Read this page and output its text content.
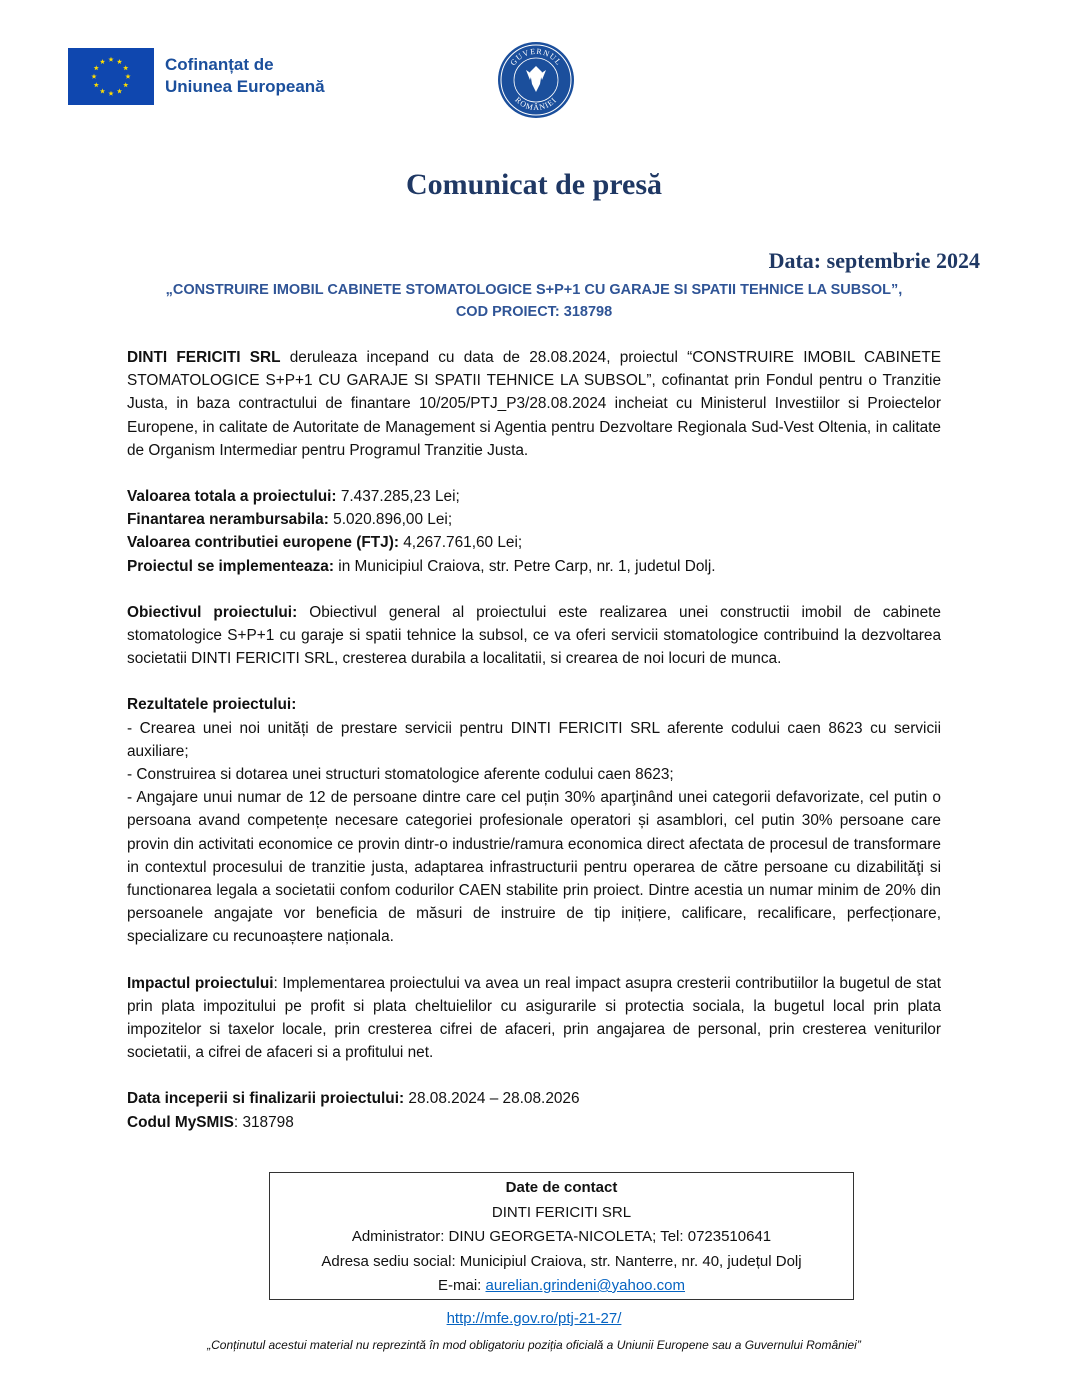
Cofinanțat de
Uniunea Europeană
GUVERNUL
ROMÂNIEI
Comunicat de presă
Data: septembrie 2024
„CONSTRUIRE IMOBIL CABINETE STOMATOLOGICE S+P+1 CU GARAJE SI SPATII TEHNICE LA SUBSOL”,
COD PROIECT: 318798

DINTI FERICITI SRL deruleaza incepand cu data de 28.08.2024, proiectul “CONSTRUIRE IMOBIL CABINETE STOMATOLOGICE S+P+1 CU GARAJE SI SPATII TEHNICE LA SUBSOL”, cofinantat prin Fondul pentru o Tranzitie Justa, in baza contractului de finantare 10/205/PTJ_P3/28.08.2024 incheiat cu Ministerul Investiilor si Proiectelor Europene, in calitate de Autoritate de Management si Agentia pentru Dezvoltare Regionala Sud-Vest Oltenia, in calitate de Organism Intermediar pentru Programul Tranzitie Justa.

Valoarea totala a proiectului: 7.437.285,23 Lei;
Finantarea nerambursabila: 5.020.896,00 Lei;
Valoarea contributiei europene (FTJ): 4,267.761,60 Lei;
Proiectul se implementeaza: in Municipiul Craiova, str. Petre Carp, nr. 1, judetul Dolj.

Obiectivul proiectului: Obiectivul general al proiectului este realizarea unei constructii imobil de cabinete stomatologice S+P+1 cu garaje si spatii tehnice la subsol, ce va oferi servicii stomatologice contribuind la dezvoltarea societatii DINTI FERICITI SRL, cresterea durabila a localitatii, si crearea de noi locuri de munca.

Rezultatele proiectului:
- Crearea unei noi unități de prestare servicii pentru DINTI FERICITI SRL aferente codului caen 8623 cu servicii auxiliare;
- Construirea si dotarea unei structuri stomatologice aferente codului caen 8623;
- Angajare unui numar de 12 de persoane dintre care cel puțin 30% aparţinând unei categorii defavorizate, cel putin o persoana avand competențe necesare categoriei profesionale operatori și asamblori, cel putin 30% persoane care provin din activitati economice ce provin dintr-o industrie/ramura economica direct afectata de procesul de transformare in contextul procesului de tranzitie justa, adaptarea infrastructurii pentru operarea de către persoane cu dizabilităţi si functionarea legala a societatii confom codurilor CAEN stabilite prin proiect. Dintre acestia un numar minim de 20% din persoanele angajate vor beneficia de măsuri de instruire de tip inițiere, calificare, recalificare, perfecționare, specializare cu recunoaștere naționala.

Impactul proiectului: Implementarea proiectului va avea un real impact asupra cresterii contributiilor la bugetul de stat prin plata impozitului pe profit si plata cheltuielilor cu asigurarile si protectia sociala, la bugetul local prin plata impozitelor si taxelor locale, prin cresterea cifrei de afaceri, prin angajarea de personal, prin cresterea veniturilor societatii, a cifrei de afaceri si a profitului net.

Data inceperii si finalizarii proiectului: 28.08.2024 – 28.08.2026
Codul MySMIS: 318798

Date de contact
DINTI FERICITI SRL
Administrator: DINU GEORGETA-NICOLETA; Tel: 0723510641
Adresa sediu social: Municipiul Craiova, str. Nanterre, nr. 40, județul Dolj
E-mai: aurelian.grindeni@yahoo.com
http://mfe.gov.ro/ptj-21-27/
„Conținutul acestui material nu reprezintă în mod obligatoriu poziția oficială a Uniunii Europene sau a Guvernului României”
